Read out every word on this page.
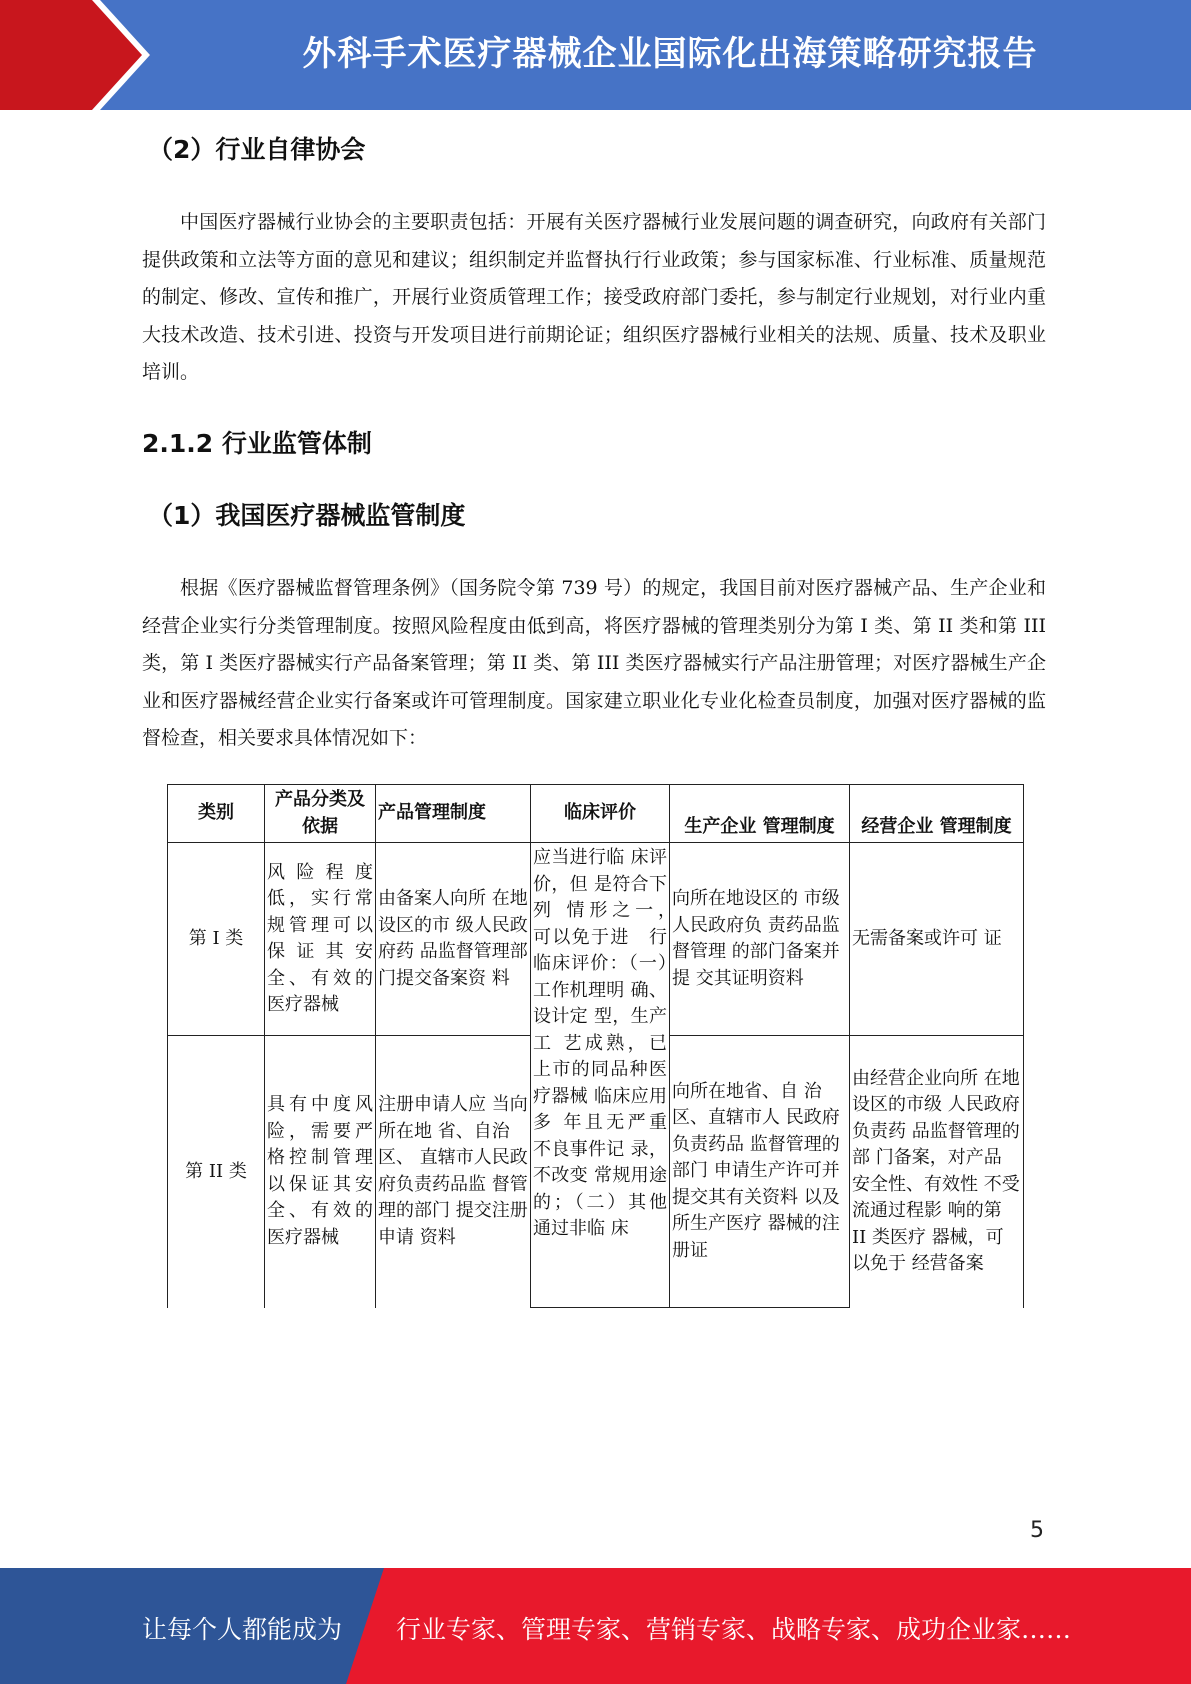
外科手术医疗器械企业国际化出海策略研究报告
（2）行业自律协会

中国医疗器械行业协会的主要职责包括：开展有关医疗器械行业发展问题的调查研究，向政府有关部门提供政策和立法等方面的意见和建议；组织制定并监督执行行业政策；参与国家标准、行业标准、质量规范的制定、修改、宣传和推广，开展行业资质管理工作；接受政府部门委托，参与制定行业规划，对行业内重大技术改造、技术引进、投资与开发项目进行前期论证；组织医疗器械行业相关的法规、质量、技术及职业培训。

2.1.2 行业监管体制
（1）我国医疗器械监管制度

根据《医疗器械监督管理条例》（国务院令第 739 号）的规定，我国目前对医疗器械产品、生产企业和经营企业实行分类管理制度。按照风险程度由低到高，将医疗器械的管理类别分为第 I 类、第 II 类和第 III 类，第 I 类医疗器械实行产品备案管理；第 II 类、第 III 类医疗器械实行产品注册管理；对医疗器械生产企业和医疗器械经营企业实行备案或许可管理制度。国家建立职业化专业化检查员制度，加强对医疗器械的监督检查，相关要求具体情况如下：

类别	产品分类及依据	产品管理制度	临床评价	生产企业 管理制度	经营企业 管理制度
第 I 类	风险程度低，实行常规管理可以保证其安全、有效的医疗器械	由备案人向所 在地设区的市 级人民政府药 品监督管理部 门提交备案资 料	应当进行临 床评价，但 是符合下列 情形之一，　可以免于进　行临床评价：（一）工作机理明 确、设计定 型，生产工 艺成熟，已 上市的同品种医疗器械 临床应用多 年且无严重 不良事件记 录，不改变 常规用途的；（二）其他通过非临 床	向所在地设区的 市级人民政府负 责药品监督管理 的部门备案并提 交其证明资料	无需备案或许可 证
第 II 类	具有中度风险，需要严格控制管理以保证其安全、有效的医疗器械	注册申请人应 当向所在地 省、自治区、 直辖市人民政 府负责药品监 督管理的部门 提交注册申请 资料		向所在地省、自 治区、直辖市人 民政府负责药品 监督管理的部门 申请生产许可并 提交其有关资料 以及所生产医疗 器械的注册证	由经营企业向所 在地设区的市级 人民政府负责药 品监督管理的部 门备案，对产品 安全性、有效性 不受流通过程影 响的第 II 类医疗 器械，可以免于 经营备案
5
让每个人都能成为 行业专家、管理专家、营销专家、战略专家、成功企业家……
